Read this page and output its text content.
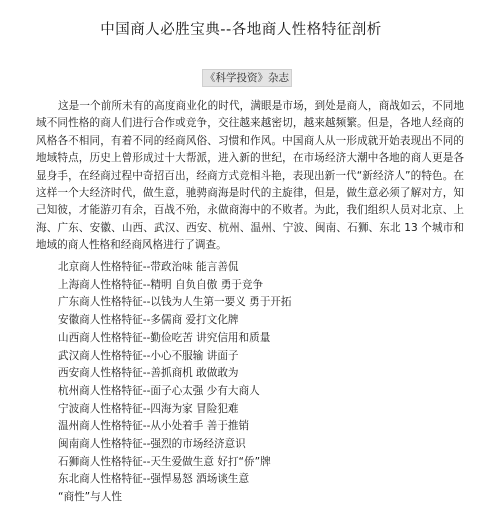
中国商人必胜宝典--各地商人性格特征剖析
《科学投资》杂志

这是一个前所未有的高度商业化的时代，满眼是市场，到处是商人，商战如云，不同地域不同性格的商人们进行合作或竞争，交往越来越密切，越来越频繁。但是，各地人经商的风格各不相同，有着不同的经商风俗、习惯和作风。中国商人从一形成就开始表现出不同的地域特点，历史上曾形成过十大帮派，进入新的世纪，在市场经济大潮中各地的商人更是各显身手，在经商过程中奇招百出，经商方式竞相斗艳，表现出新一代“新经济人”的特色。在这样一个大经济时代，做生意，驰骋商海是时代的主旋律，但是，做生意必须了解对方，知己知彼，才能游刃有余，百战不殆，永做商海中的不败者。为此，我们组织人员对北京、上海、广东、安徽、山西、武汉、西安、杭州、温州、宁波、闽南、石狮、东北 13 个城市和地域的商人性格和经商风格进行了调查。

北京商人性格特征--带政治味 能言善侃
上海商人性格特征--精明 自负自傲 勇于竞争
广东商人性格特征--以钱为人生第一要义 勇于开拓
安徽商人性格特征--多儒商 爱打文化牌
山西商人性格特征--勤俭吃苦 讲究信用和质量
武汉商人性格特征--小心不服输 讲面子
西安商人性格特征--善抓商机 敢做敢为
杭州商人性格特征--面子心太强 少有大商人
宁波商人性格特征--四海为家 冒险犯难
温州商人性格特征--从小处着手 善于推销
闽南商人性格特征--强烈的市场经济意识
石狮商人性格特征--天生爱做生意 好打“侨”牌
东北商人性格特征--强悍易怒 酒场谈生意
“商性”与人性
